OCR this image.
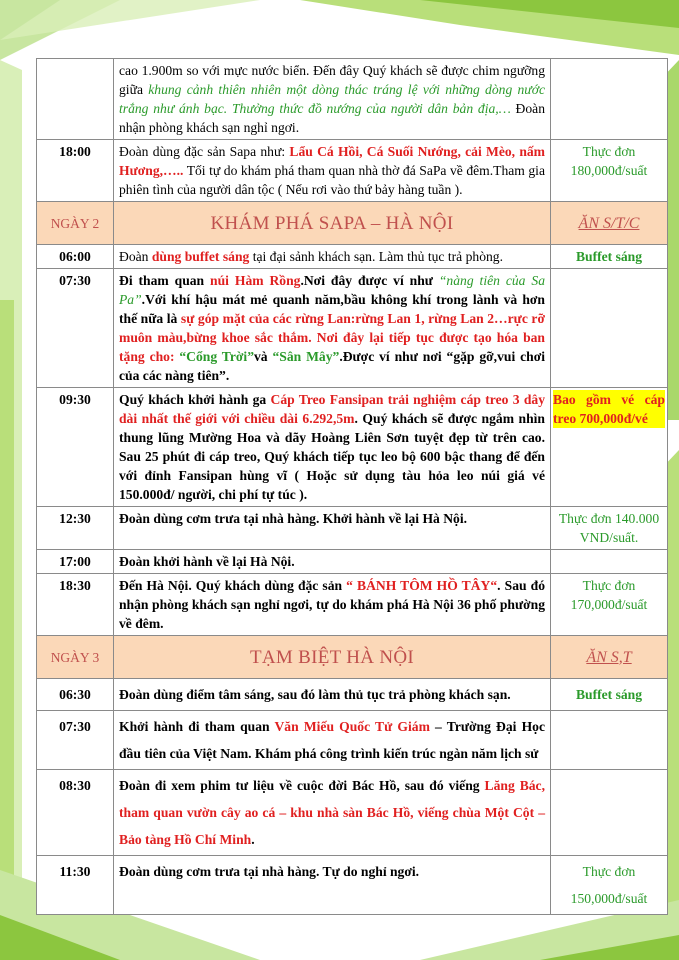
	cao 1.900m so với mực nước biển. Đến đây Quý khách sẽ được chim ngưỡng giữa khung cảnh thiên nhiên một dòng thác tráng lệ với những dòng nước trắng như ánh bạc. Thưởng thức đồ nướng của người dân bản địa,… Đoàn nhận phòng khách sạn nghỉ ngơi.	
18:00	Đoàn dùng đặc sản Sapa như: Lẩu Cá Hồi, Cá Suối Nướng, cải Mèo, nấm Hương,….. Tối tự do khám phá tham quan nhà thờ đá SaPa về đêm.Tham gia phiên tình của người dân tộc ( Nếu rơi vào thứ bảy hàng tuần ).	Thực đơn 180,000đ/suất
NGÀY 2	KHÁM PHÁ SAPA – HÀ NỘI	ĂN S/T/C
06:00	Đoàn dùng buffet sáng tại đại sảnh khách sạn. Làm thủ tục trả phòng.	Buffet sáng
07:30	Đi tham quan núi Hàm Rồng.Nơi đây được ví như “nàng tiên của Sa Pa”.Với khí hậu mát mẻ quanh năm,bầu không khí trong lành và hơn thế nữa là sự góp mặt của các rừng Lan:rừng Lan 1, rừng Lan 2…rực rỡ muôn màu,bừng khoe sắc thắm. Nơi đây lại tiếp tục được tạo hóa ban tặng cho: “Cổng Trời”và “Sân Mây”.Được ví như nơi “gặp gỡ,vui chơi của các nàng tiên”.	
09:30	Quý khách khởi hành ga Cáp Treo Fansipan trải nghiệm cáp treo 3 dây dài nhất thế giới với chiều dài 6.292,5m. Quý khách sẽ được ngắm nhìn thung lũng Mường Hoa và dãy Hoàng Liên Sơn tuyệt đẹp từ trên cao. Sau 25 phút đi cáp treo, Quý khách tiếp tục leo bộ 600 bậc thang để đến với đỉnh Fansipan hùng vĩ ( Hoặc sử dụng tàu hỏa leo núi giá vé 150.000đ/ người, chi phí tự túc ).	Bao gồm vé cáp treo 700,000đ/vé

12:30	Đoàn dùng cơm trưa tại nhà hàng. Khởi hành về lại Hà Nội.	Thực đơn 140.000 VND/suất.
17:00	Đoàn khởi hành về lại Hà Nội.	
18:30	Đến Hà Nội. Quý khách dùng đặc sản “ BÁNH TÔM HỒ TÂY“. Sau đó nhận phòng khách sạn nghỉ ngơi, tự do khám phá Hà Nội 36 phố phường về đêm.	Thực đơn 170,000đ/suất
NGÀY 3	TẠM BIỆT HÀ NỘI	ĂN S,T
06:30	Đoàn dùng điểm tâm sáng, sau đó làm thủ tục trả phòng khách sạn.	Buffet sáng
07:30	Khởi hành đi tham quan Văn Miếu Quốc Tử Giám – Trường Đại Học đầu tiên của Việt Nam. Khám phá công trình kiến trúc ngàn năm lịch sử	
08:30	Đoàn đi xem phim tư liệu về cuộc đời Bác Hồ, sau đó viếng Lăng Bác, tham quan vườn cây ao cá – khu nhà sàn Bác Hồ, viếng chùa Một Cột – Bảo tàng Hồ Chí Minh.	
11:30	Đoàn dùng cơm trưa tại nhà hàng. Tự do nghỉ ngơi.	Thực đơn 150,000đ/suất
